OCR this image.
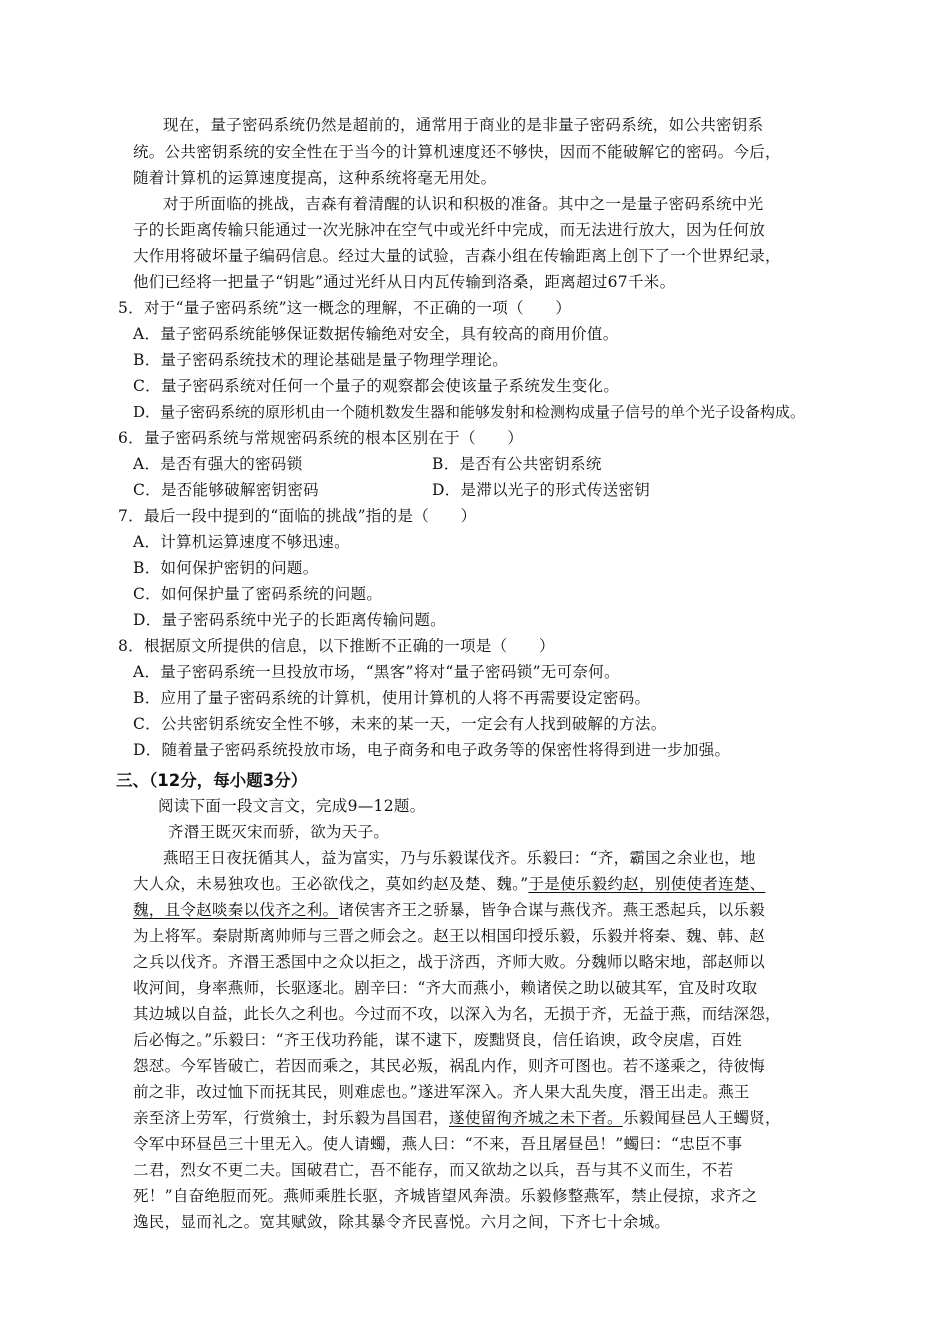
现在，量子密码系统仍然是超前的，通常用于商业的是非量子密码系统，如公共密钥系
统。公共密钥系统的安全性在于当今的计算机速度还不够快，因而不能破解它的密码。今后，
随着计算机的运算速度提高，这种系统将毫无用处。
对于所面临的挑战，吉森有着清醒的认识和积极的准备。其中之一是量子密码系统中光
子的长距离传输只能通过一次光脉冲在空气中或光纤中完成，而无法进行放大，因为任何放
大作用将破坏量子编码信息。经过大量的试验，吉森小组在传输距离上创下了一个世界纪录，
他们已经将一把量子“钥匙”通过光纤从日内瓦传输到洛桑，距离超过67千米。
5．对于“量子密码系统”这一概念的理解，不正确的一项（　　）
A．量子密码系统能够保证数据传输绝对安全，具有较高的商用价值。
B．量子密码系统技术的理论基础是量子物理学理论。
C．量子密码系统对任何一个量子的观察都会使该量子系统发生变化。
D．量子密码系统的原形机由一个随机数发生器和能够发射和检测构成量子信号的单个光子设备构成。
6．量子密码系统与常规密码系统的根本区别在于（　　）
A．是否有强大的密码锁	B．是否有公共密钥系统
C．是否能够破解密钥密码	D．是滞以光子的形式传送密钥
7．最后一段中提到的“面临的挑战”指的是（　　）
A．计算机运算速度不够迅速。
B．如何保护密钥的问题。
C．如何保护量了密码系统的问题。
D．量子密码系统中光子的长距离传输问题。
8．根据原文所提供的信息，以下推断不正确的一项是（　　）
A．量子密码系统一旦投放市场，“黑客”将对“量子密码锁”无可奈何。
B．应用了量子密码系统的计算机，使用计算机的人将不再需要设定密码。
C．公共密钥系统安全性不够，未来的某一天，一定会有人找到破解的方法。
D．随着量子密码系统投放市场，电子商务和电子政务等的保密性将得到进一步加强。
三、（12分，每小题3分）
阅读下面一段文言文，完成9—12题。
齐湣王既灭宋而骄，欲为天子。
燕昭王日夜抚循其人，益为富实，乃与乐毅谋伐齐。乐毅曰：“齐，霸国之余业也，地
大人众，未易独攻也。王必欲伐之，莫如约赵及楚、魏。”于是使乐毅约赵，别使使者连楚、
魏，且令赵啖秦以伐齐之利。诸侯害齐王之骄暴，皆争合谋与燕伐齐。燕王悉起兵，以乐毅
为上将军。秦尉斯离帅师与三晋之师会之。赵王以相国印授乐毅，乐毅并将秦、魏、韩、赵
之兵以伐齐。齐湣王悉国中之众以拒之，战于济西，齐师大败。分魏师以略宋地，部赵师以
收河间，身率燕师，长驱逐北。剧辛曰：“齐大而燕小，赖诸侯之助以破其军，宜及时攻取
其边城以自益，此长久之利也。今过而不攻，以深入为名，无损于齐，无益于燕，而结深怨，
后必悔之。”乐毅曰：“齐王伐功矜能，谋不逮下，废黜贤良，信任谄谀，政令戾虐，百姓
怨怼。今军皆破亡，若因而乘之，其民必叛，祸乱内作，则齐可图也。若不遂乘之，待彼悔
前之非，改过恤下而抚其民，则难虑也。”遂进军深入。齐人果大乱失度，湣王出走。燕王
亲至济上劳军，行赏飨士，封乐毅为昌国君，遂使留徇齐城之未下者。乐毅闻昼邑人王蠋贤，
令军中环昼邑三十里无入。使人请蠋，燕人曰：“不来，吾且屠昼邑！”蠋曰：“忠臣不事
二君，烈女不更二夫。国破君亡，吾不能存，而又欲劫之以兵，吾与其不义而生，不若
死！”自奋绝脰而死。燕师乘胜长驱，齐城皆望风奔溃。乐毅修整燕军，禁止侵掠，求齐之
逸民，显而礼之。宽其赋敛，除其暴令齐民喜悦。六月之间，下齐七十余城。
